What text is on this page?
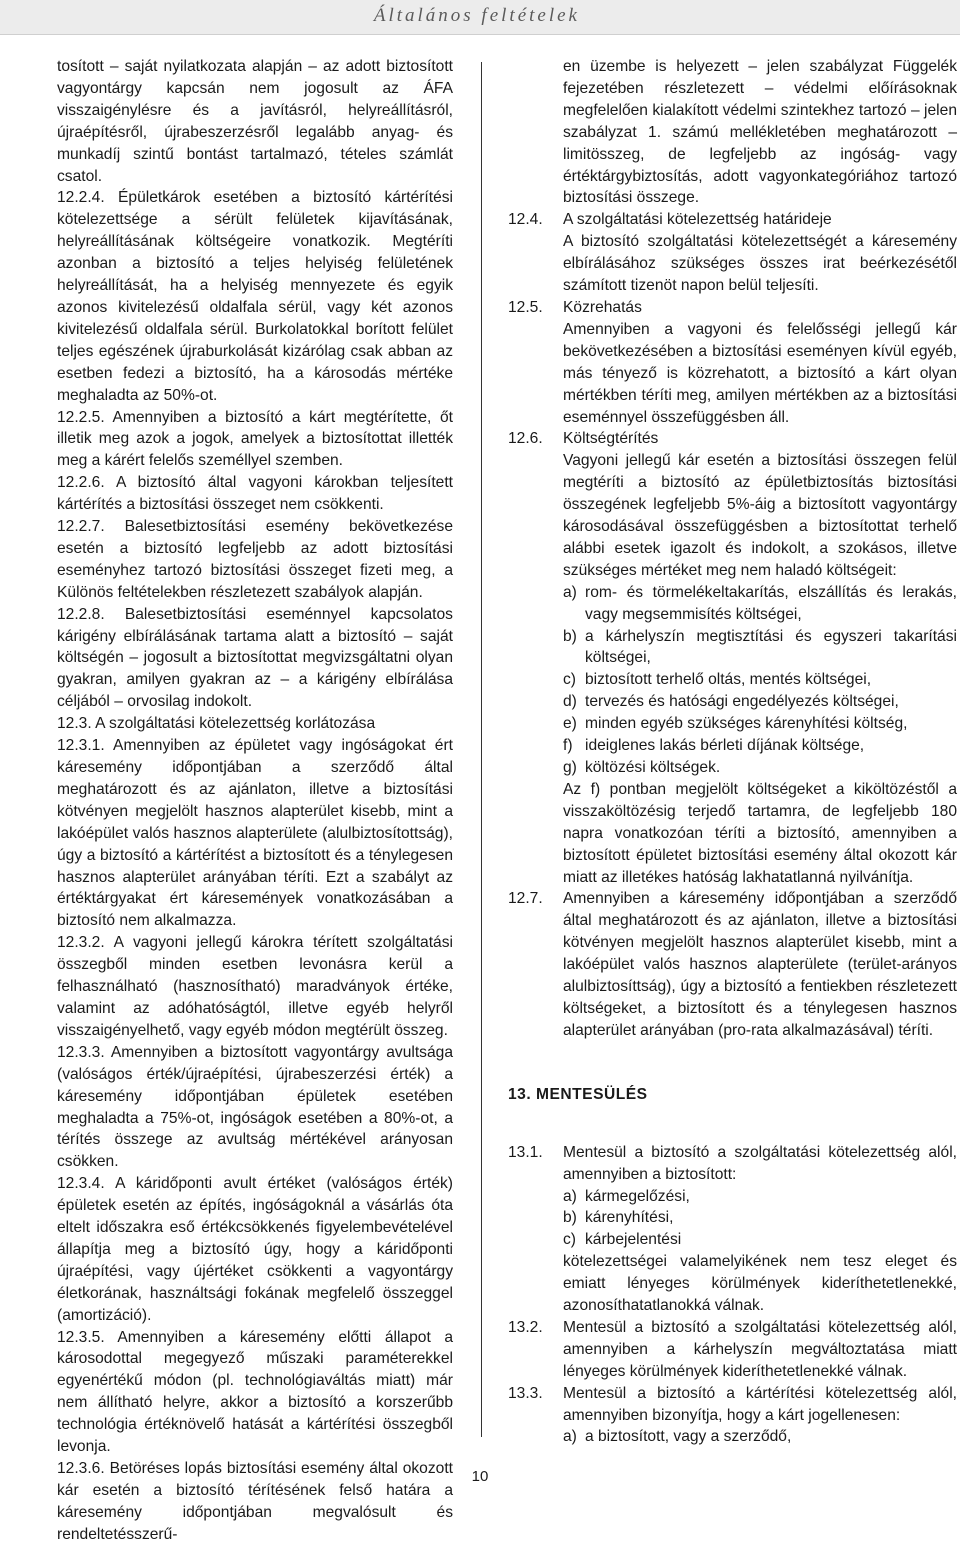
Általános feltételek

tosított – saját nyilatkozata alapján – az adott biztosított vagyontárgy kapcsán nem jogosult az ÁFA visszaigénylésre és a javításról, helyreállításról, újraépítésről, újrabeszerzésről legalább anyag- és munkadíj szintű bontást tartalmazó, tételes számlát csatol.

12.2.4. Épületkárok esetében a biztosító kártérítési kötelezettsége a sérült felületek kijavításának, helyreállításának költségeire vonatkozik. Megtéríti azonban a biztosító a teljes helyiség felületének helyreállítását, ha a helyiség mennyezete és egyik azonos kivitelezésű oldalfala sérül, vagy két azonos kivitelezésű oldalfala sérül. Burkolatokkal borított felület teljes egészének újraburkolását kizárólag csak abban az esetben fedezi a biztosító, ha a károsodás mértéke meghaladta az 50%-ot.

12.2.5. Amennyiben a biztosító a kárt megtérítette, őt illetik meg azok a jogok, amelyek a biztosítottat illették meg a kárért felelős személlyel szemben.

12.2.6. A biztosító által vagyoni károkban teljesített kártérítés a biztosítási összeget nem csökkenti.

12.2.7. Balesetbiztosítási esemény bekövetkezése esetén a biztosító legfeljebb az adott biztosítási eseményhez tartozó biztosítási összeget fizeti meg, a Különös feltételekben részletezett szabályok alapján.

12.2.8. Balesetbiztosítási eseménnyel kapcsolatos kárigény elbírálásának tartama alatt a biztosító – saját költségén – jogosult a biztosítottat megvizsgáltatni olyan gyakran, amilyen gyakran az – a kárigény elbírálása céljából – orvosilag indokolt.

12.3. A szolgáltatási kötelezettség korlátozása

12.3.1. Amennyiben az épületet vagy ingóságokat ért káresemény időpontjában a szerződő által meghatározott és az ajánlaton, illetve a biztosítási kötvényen megjelölt hasznos alapterület kisebb, mint a lakóépület valós hasznos alapterülete (alulbiztosítottság), úgy a biztosító a kártérítést a biztosított és a ténylegesen hasznos alapterület arányában téríti. Ezt a szabályt az értéktárgyakat ért káresemények vonatkozásában a biztosító nem alkalmazza.

12.3.2. A vagyoni jellegű károkra térített szolgáltatási összegből minden esetben levonásra kerül a felhasználható (hasznosítható) maradványok értéke, valamint az adóhatóságtól, illetve egyéb helyről visszaigényelhető, vagy egyéb módon megtérült összeg.

12.3.3. Amennyiben a biztosított vagyontárgy avultsága (valóságos érték/újraépítési, újrabeszerzési érték) a káresemény időpontjában épületek esetében meghaladta a 75%-ot, ingóságok esetében a 80%-ot, a térítés összege az avultság mértékével arányosan csökken.

12.3.4. A káridőponti avult értéket (valóságos érték) épületek esetén az építés, ingóságoknál a vásárlás óta eltelt időszakra eső értékcsökkenés figyelembevételével állapítja meg a biztosító úgy, hogy a káridőponti újraépítési, vagy újértéket csökkenti a vagyontárgy életkorának, használtsági fokának megfelelő összeggel (amortizáció).

12.3.5. Amennyiben a káresemény előtti állapot a károsodottal megegyező műszaki paraméterekkel egyenértékű módon (pl. technológiaváltás miatt) már nem állítható helyre, akkor a biztosító a korszerűbb technológia értéknövelő hatását a kártérítési összegből levonja.

12.3.6. Betöréses lopás biztosítási esemény által okozott kár esetén a biztosító térítésének felső határa a káresemény időpontjában megvalósult és rendeltetésszerű-

en üzembe is helyezett – jelen szabályzat Függelék fejezetében részletezett – védelmi előírásoknak megfelelően kialakított védelmi szintekhez tartozó – jelen szabályzat 1. számú mellékletében meghatározott – limitösszeg, de legfeljebb az ingóság- vagy értéktárgybiztosítás, adott vagyonkategóriához tartozó biztosítási összege.

12.4.	A szolgáltatási kötelezettség határideje

A biztosító szolgáltatási kötelezettségét a káresemény elbírálásához szükséges összes irat beérkezésétől számított tizenöt napon belül teljesíti.

12.5.	Közrehatás

Amennyiben a vagyoni és felelősségi jellegű kár bekövetkezésében a biztosítási eseményen kívül egyéb, más tényező is közrehatott, a biztosító a kárt olyan mértékben téríti meg, amilyen mértékben az a biztosítási eseménnyel összefüggésben áll.

12.6.	Költségtérítés

Vagyoni jellegű kár esetén a biztosítási összegen felül megtéríti a biztosító az épületbiztosítás biztosítási összegének legfeljebb 5%-áig a biztosított vagyontárgy károsodásával összefüggésben a biztosítottat terhelő alábbi esetek igazolt és indokolt, a szokásos, illetve szükséges mértéket meg nem haladó költségeit:

a) rom- és törmelékeltakarítás, elszállítás és lerakás, vagy megsemmisítés költségei,
b) a kárhelyszín megtisztítási és egyszeri takarítási költségei,
c) biztosított terhelő oltás, mentés költségei,
d) tervezés és hatósági engedélyezés költségei,
e) minden egyéb szükséges kárenyhítési költség,
f) ideiglenes lakás bérleti díjának költsége,
g) költözési költségek.

Az f) pontban megjelölt költségeket a kiköltözéstől a visszaköltözésig terjedő tartamra, de legfeljebb 180 napra vonatkozóan téríti a biztosító, amennyiben a biztosított épületet biztosítási esemény által okozott kár miatt az illetékes hatóság lakhatatlanná nyilvánítja.

12.7.	Amennyiben a káresemény időpontjában a szerződő által meghatározott és az ajánlaton, illetve a biztosítási kötvényen megjelölt hasznos alapterület kisebb, mint a lakóépület valós hasznos alapterülete (terület-arányos alulbiztosíttság), úgy a biztosító a fentiekben részletezett költségeket, a biztosított és a ténylegesen hasznos alapterület arányában (pro-rata alkalmazásával) téríti.
13. MENTESÜLÉS
13.1.	Mentesül a biztosító a szolgáltatási kötelezettség alól, amennyiben a biztosított:
a) kármegelőzési,
b) kárenyhítési,
c) kárbejelentési

kötelezettségei valamelyikének nem tesz eleget és emiatt lényeges körülmények kideríthetetlenekké, azonosíthatatlanokká válnak.

13.2.	Mentesül a biztosító a szolgáltatási kötelezettség alól, amennyiben a kárhelyszín megváltoztatása miatt lényeges körülmények kideríthetetlenekké válnak.
13.3.	Mentesül a biztosító a kártérítési kötelezettség alól, amennyiben bizonyítja, hogy a kárt jogellenesen:
a) a biztosított, vagy a szerződő,
10
